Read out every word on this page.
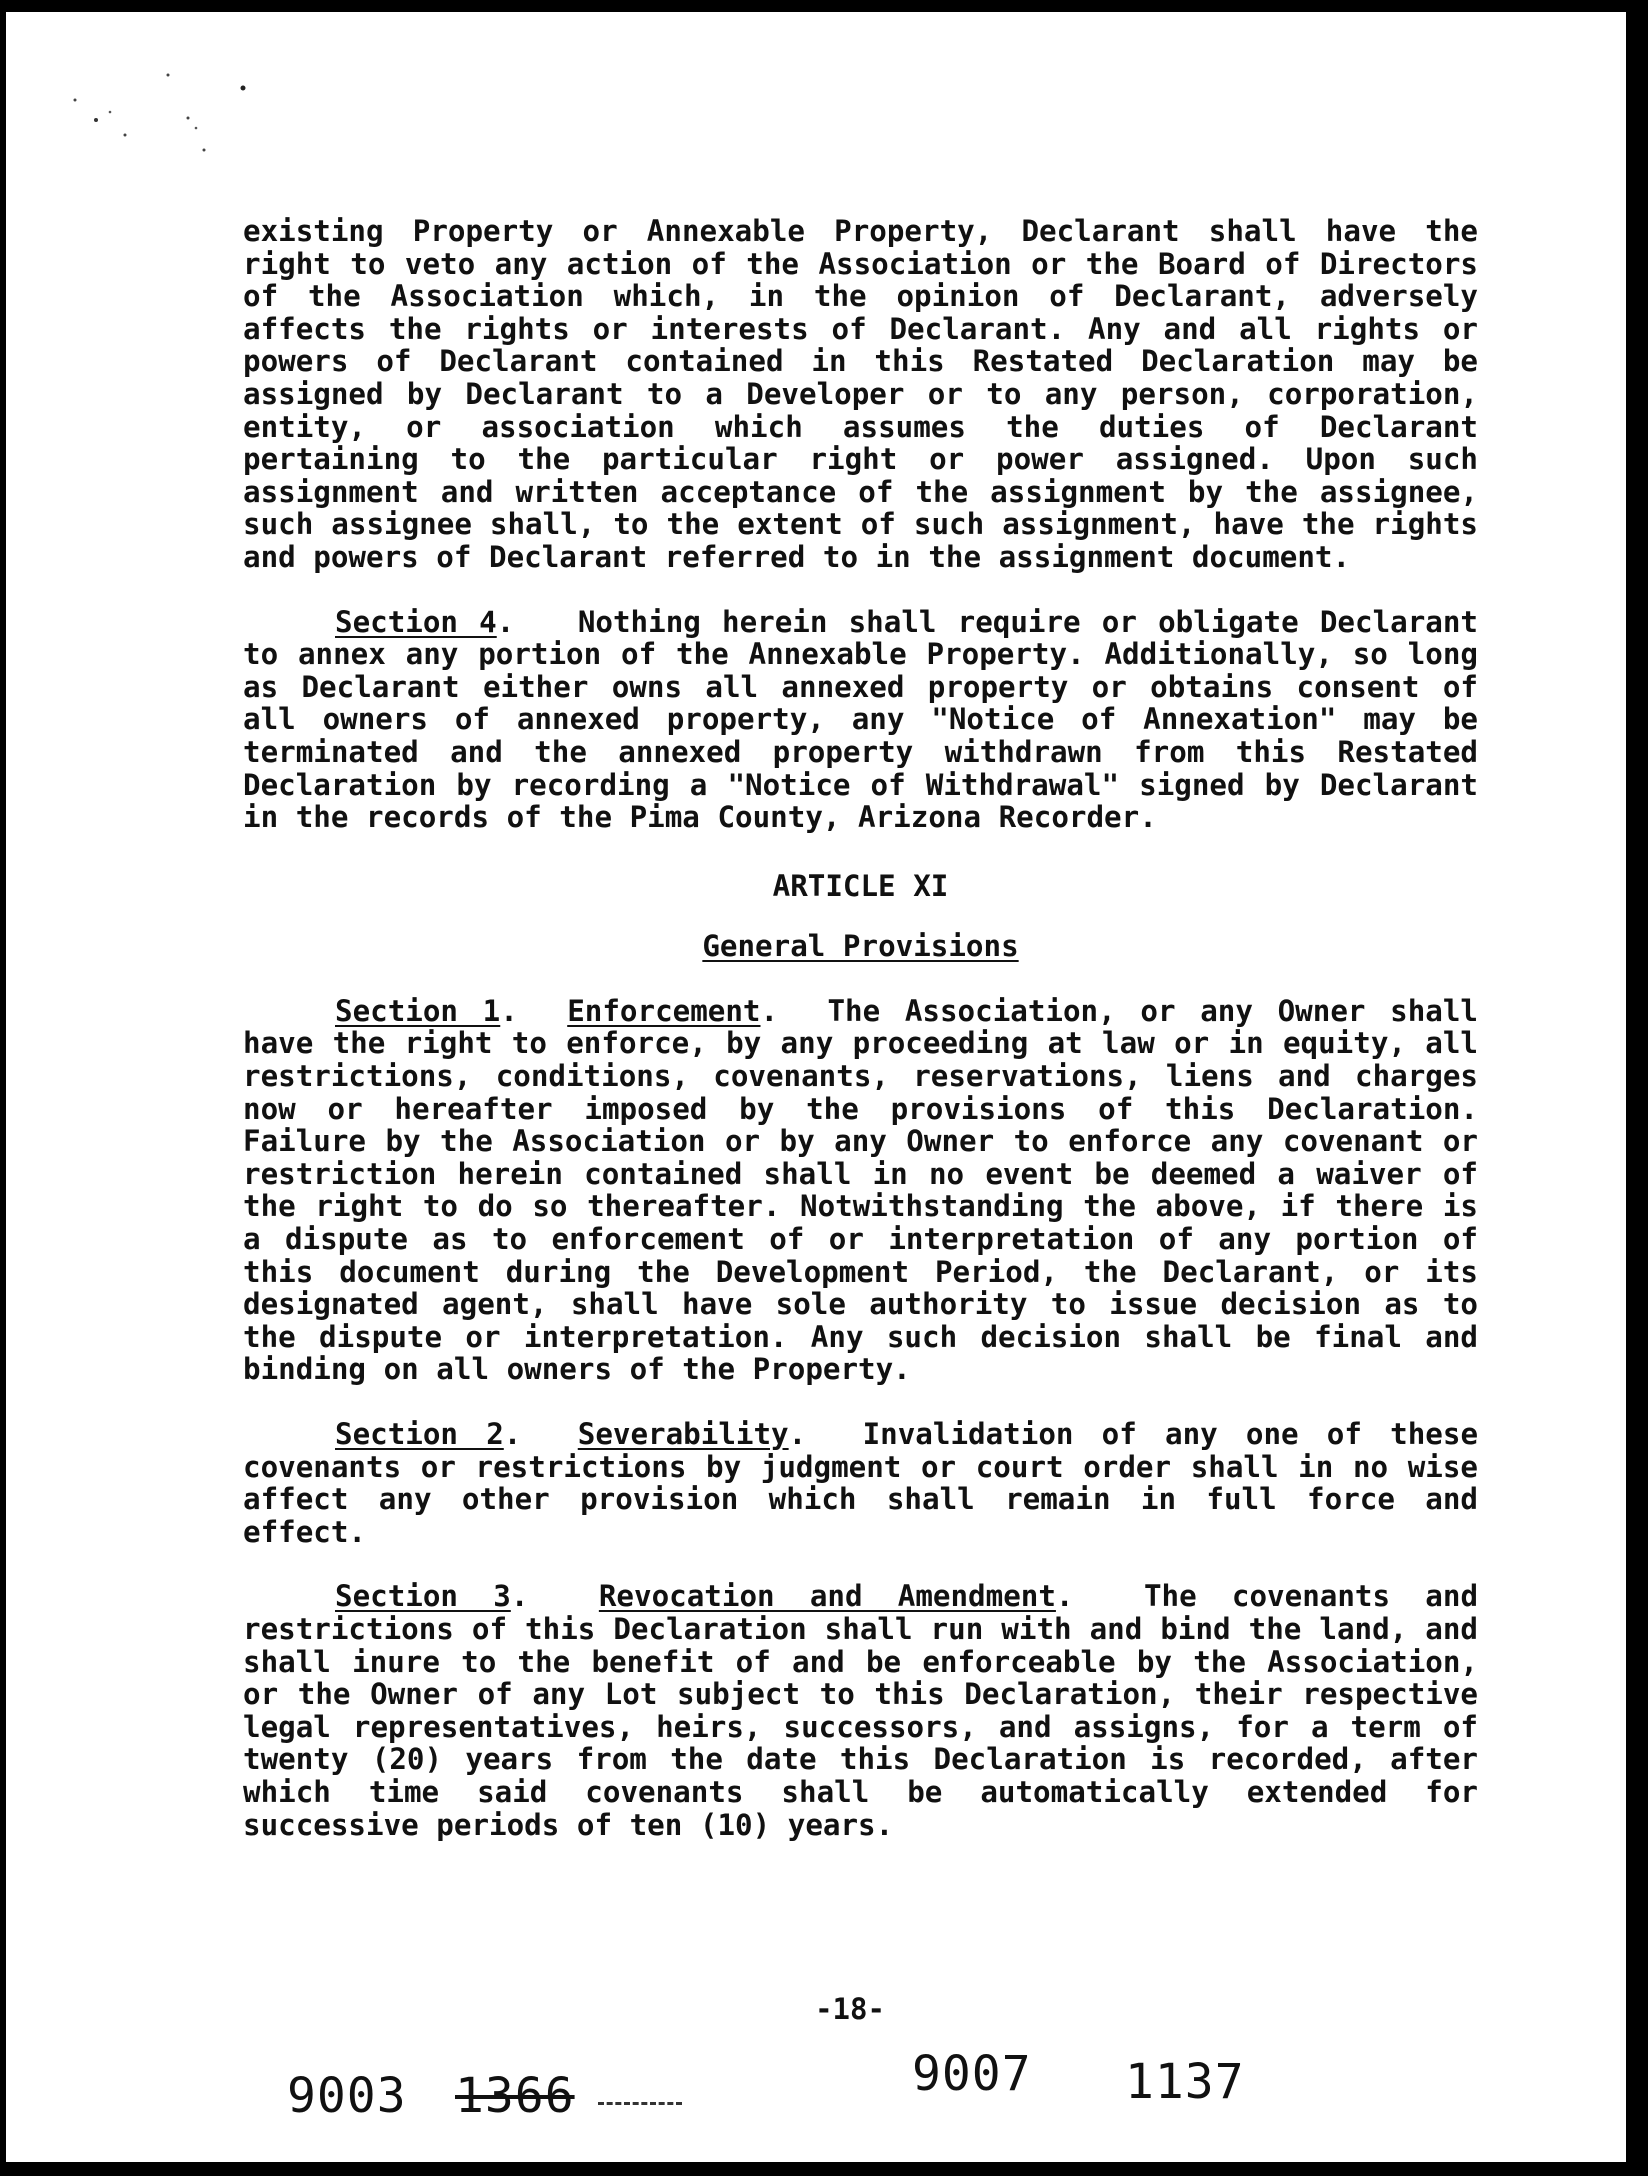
existing Property or Annexable Property, Declarant shall have the right to veto any action of the Association or the Board of Directors of the Association which, in the opinion of Declarant, adversely affects the rights or interests of Declarant. Any and all rights or powers of Declarant contained in this Restated Declaration may be assigned by Declarant to a Developer or to any person, corporation, entity, or association which assumes the duties of Declarant pertaining to the particular right or power assigned. Upon such assignment and written acceptance of the assignment by the assignee, such assignee shall, to the extent of such assignment, have the rights and powers of Declarant referred to in the assignment document.

Section 4.   Nothing herein shall require or obligate Declarant to annex any portion of the Annexable Property. Additionally, so long as Declarant either owns all annexed property or obtains consent of all owners of annexed property, any "Notice of Annexation" may be terminated and the annexed property withdrawn from this Restated Declaration by recording a "Notice of Withdrawal" signed by Declarant in the records of the Pima County, Arizona Recorder.

ARTICLE XI

General Provisions

Section 1.  Enforcement.  The Association, or any Owner shall have the right to enforce, by any proceeding at law or in equity, all restrictions, conditions, covenants, reservations, liens and charges now or hereafter imposed by the provisions of this Declaration. Failure by the Association or by any Owner to enforce any covenant or restriction herein contained shall in no event be deemed a waiver of the right to do so thereafter. Notwithstanding the above, if there is a dispute as to enforcement of or interpretation of any portion of this document during the Development Period, the Declarant, or its designated agent, shall have sole authority to issue decision as to the dispute or interpretation. Any such decision shall be final and binding on all owners of the Property.

Section 2.  Severability.  Invalidation of any one of these covenants or restrictions by judgment or court order shall in no wise affect any other provision which shall remain in full force and effect.

Section 3.  Revocation and Amendment.  The covenants and restrictions of this Declaration shall run with and bind the land, and shall inure to the benefit of and be enforceable by the Association, or the Owner of any Lot subject to this Declaration, their respective legal representatives, heirs, successors, and assigns, for a term of twenty (20) years from the date this Declaration is recorded, after which time said covenants shall be automatically extended for successive periods of ten (10) years.

-18-
9003 1366	9007 1137
